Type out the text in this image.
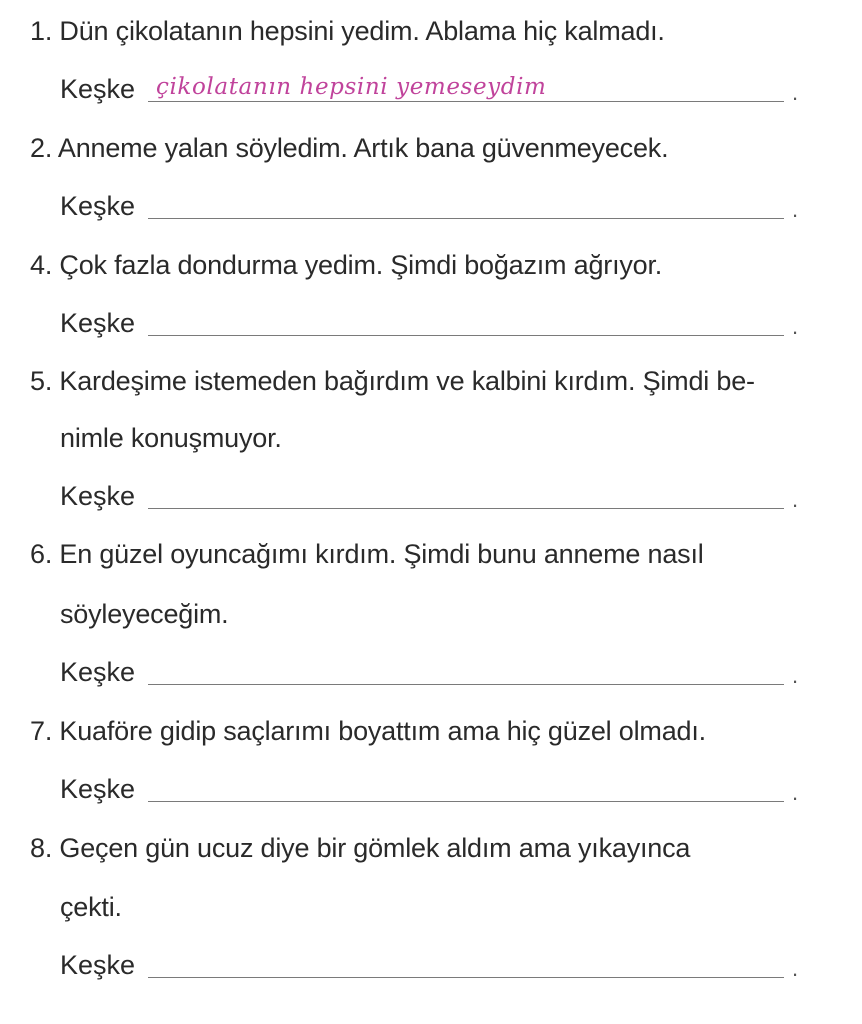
1. Dün çikolatanın hepsini yedim. Ablama hiç kalmadı.
Keşke çikolatanın hepsini yemeseydim	.
2. Anneme yalan söyledim. Artık bana güvenmeyecek.
Keşke	.
4. Çok fazla dondurma yedim. Şimdi boğazım ağrıyor.
Keşke	.
5. Kardeşime istemeden bağırdım ve kalbini kırdım. Şimdi be-
nimle konuşmuyor.
Keşke	.
6. En güzel oyuncağımı kırdım. Şimdi bunu anneme nasıl
söyleyeceğim.
Keşke	.
7. Kuaföre gidip saçlarımı boyattım ama hiç güzel olmadı.
Keşke	.
8. Geçen gün ucuz diye bir gömlek aldım ama yıkayınca
çekti.
Keşke	.
